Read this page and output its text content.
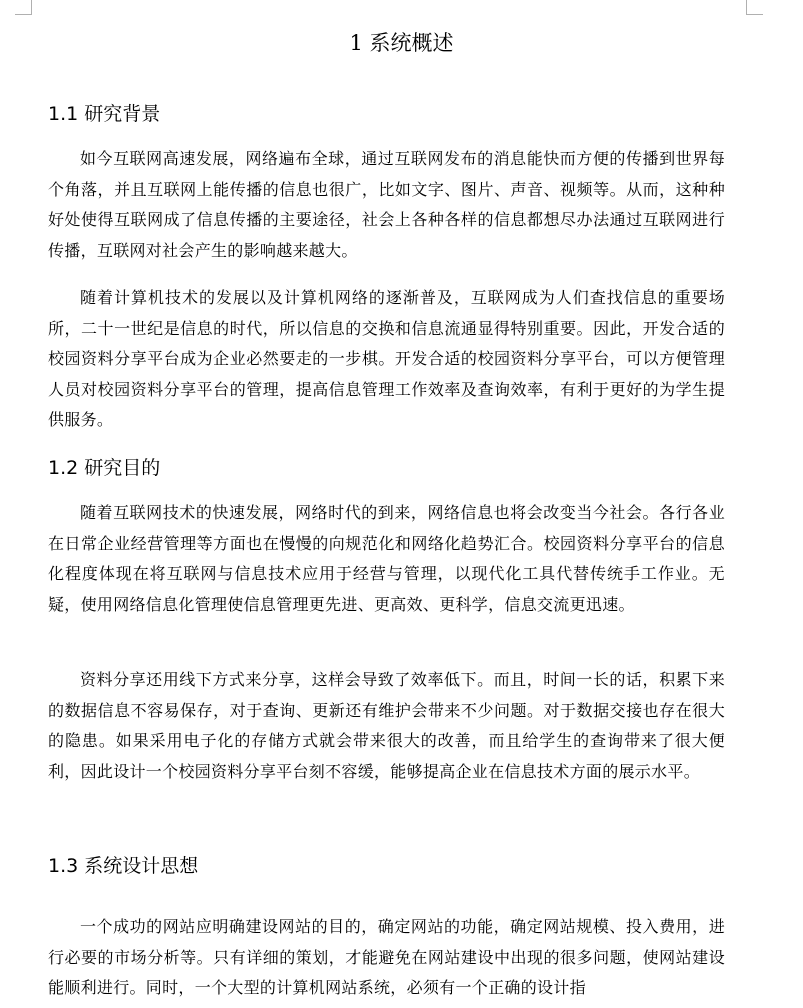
1 系统概述
1.1 研究背景

如今互联网高速发展，网络遍布全球，通过互联网发布的消息能快而方便的传播到世界每个角落，并且互联网上能传播的信息也很广，比如文字、图片、声音、视频等。从而，这种种好处使得互联网成了信息传播的主要途径，社会上各种各样的信息都想尽办法通过互联网进行传播，互联网对社会产生的影响越来越大。

随着计算机技术的发展以及计算机网络的逐渐普及，互联网成为人们查找信息的重要场所，二十一世纪是信息的时代，所以信息的交换和信息流通显得特别重要。因此，开发合适的校园资料分享平台成为企业必然要走的一步棋。开发合适的校园资料分享平台，可以方便管理人员对校园资料分享平台的管理，提高信息管理工作效率及查询效率，有利于更好的为学生提供服务。

1.2 研究目的

随着互联网技术的快速发展，网络时代的到来，网络信息也将会改变当今社会。各行各业在日常企业经营管理等方面也在慢慢的向规范化和网络化趋势汇合。校园资料分享平台的信息化程度体现在将互联网与信息技术应用于经营与管理，以现代化工具代替传统手工作业。无疑，使用网络信息化管理使信息管理更先进、更高效、更科学，信息交流更迅速。

资料分享还用线下方式来分享，这样会导致了效率低下。而且，时间一长的话，积累下来的数据信息不容易保存，对于查询、更新还有维护会带来不少问题。对于数据交接也存在很大的隐患。如果采用电子化的存储方式就会带来很大的改善，而且给学生的查询带来了很大便利，因此设计一个校园资料分享平台刻不容缓，能够提高企业在信息技术方面的展示水平。

1.3 系统设计思想

一个成功的网站应明确建设网站的目的，确定网站的功能，确定网站规模、投入费用，进行必要的市场分析等。只有详细的策划，才能避免在网站建设中出现的很多问题，使网站建设能顺利进行。同时，一个大型的计算机网站系统，必须有一个正确的设计指
